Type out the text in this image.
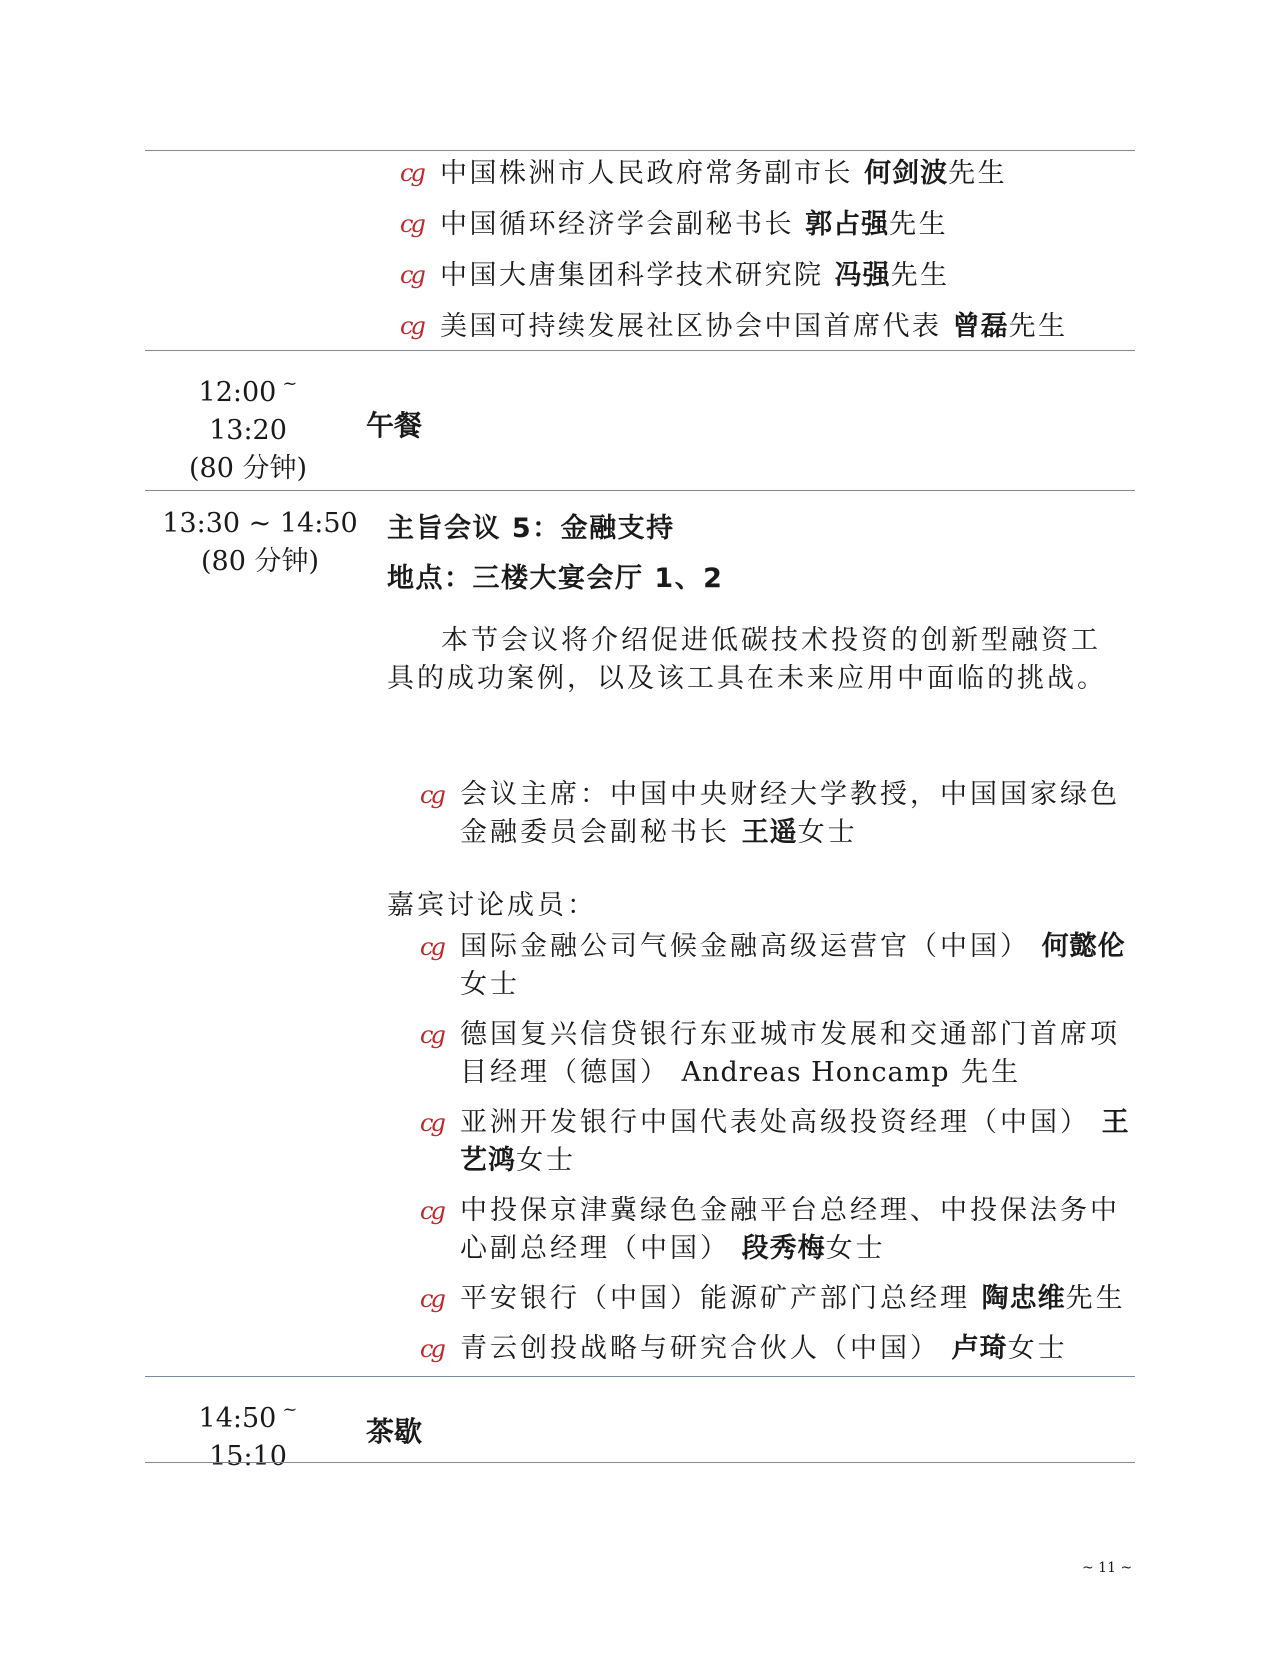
cg 中国株洲市人民政府常务副市长 何剑波先生
cg 中国循环经济学会副秘书长 郭占强先生
cg 中国大唐集团科学技术研究院 冯强先生
cg 美国可持续发展社区协会中国首席代表 曾磊先生
12:00 ~
13:20
(80 分钟)
午餐
13:30 ~ 14:50
(80 分钟)
主旨会议 5：金融支持
地点：三楼大宴会厅 1、2
本节会议将介绍促进低碳技术投资的创新型融资工具的成功案例，以及该工具在未来应用中面临的挑战。
cg 会议主席：中国中央财经大学教授，中国国家绿色金融委员会副秘书长 王遥女士
嘉宾讨论成员：
cg 国际金融公司气候金融高级运营官（中国） 何懿伦女士
cg 德国复兴信贷银行东亚城市发展和交通部门首席项目经理（德国） Andreas Honcamp 先生
cg 亚洲开发银行中国代表处高级投资经理（中国） 王艺鸿女士
cg 中投保京津冀绿色金融平台总经理、中投保法务中心副总经理（中国） 段秀梅女士
cg 平安银行（中国）能源矿产部门总经理 陶忠维先生
cg 青云创投战略与研究合伙人（中国） 卢琦女士
14:50 ~
15:10
茶歇
~ 11 ~
